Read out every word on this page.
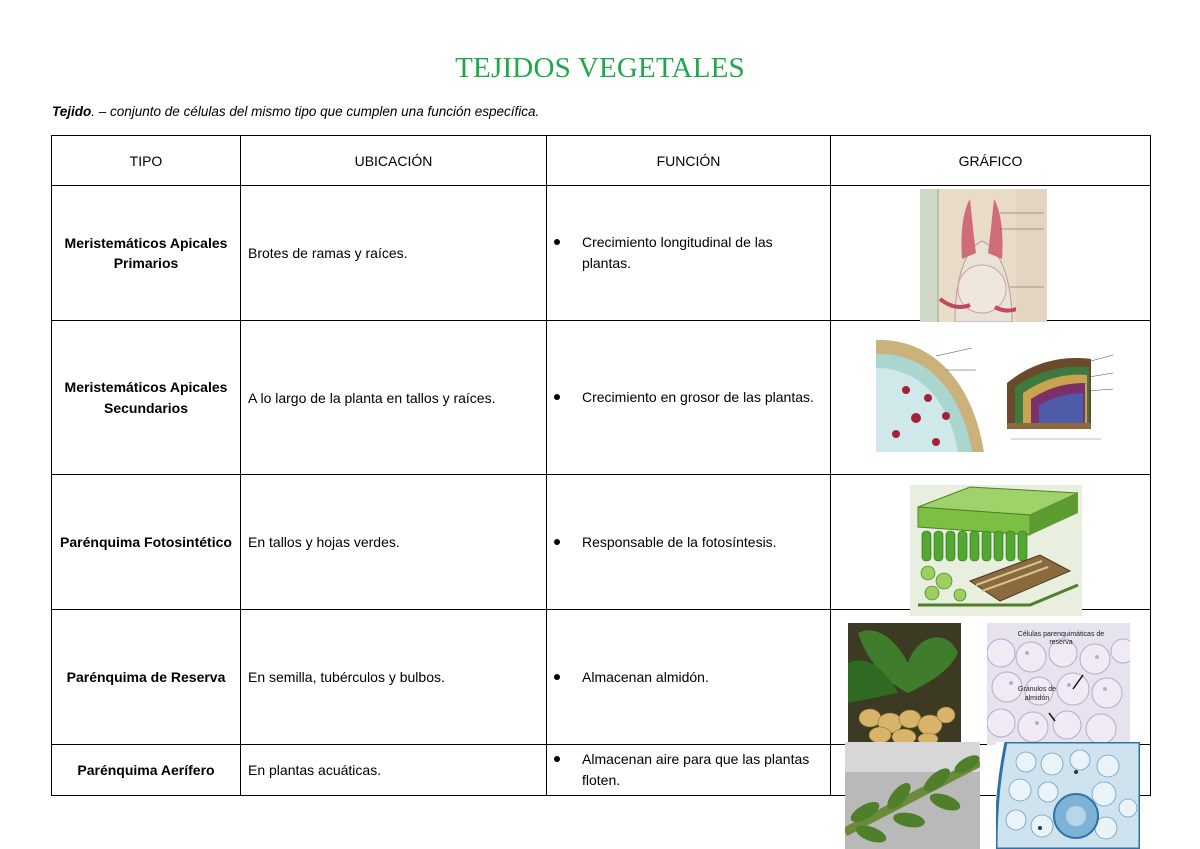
TEJIDOS VEGETALES
Tejido. – conjunto de células del mismo tipo que cumplen una función específica.
TIPO	UBICACIÓN	FUNCIÓN	GRÁFICO
Meristemáticos Apicales Primarios	Brotes de ramas y raíces.	Crecimiento longitudinal de las plantas.

Meristemáticos Apicales Secundarios	A lo largo de la planta en tallos y raíces.	Crecimiento en grosor de las plantas.

Parénquima Fotosintético	En tallos y hojas verdes.	Responsable de la fotosíntesis.

Parénquima de Reserva	En semilla, tubérculos y bulbos.	Almacenan almidón.	Células parenquimáticas de reserva
Gránulos de almidón

Parénquima Aerífero	En plantas acuáticas.	Almacenan aire para que las plantas floten.	
